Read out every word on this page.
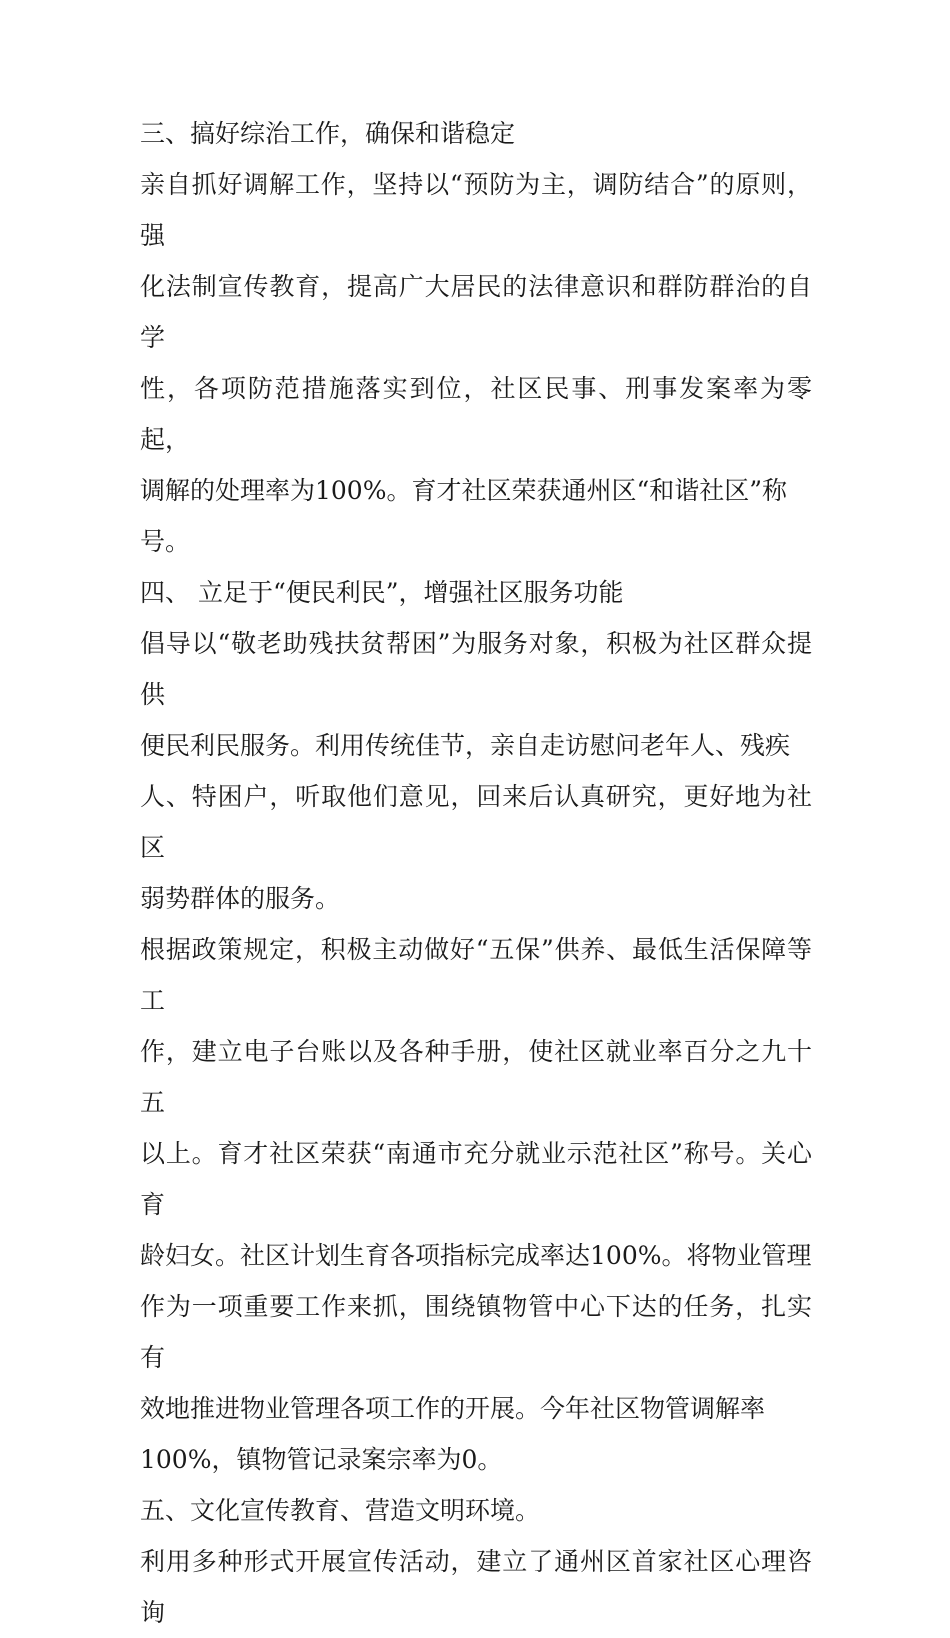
三、搞好综治工作，确保和谐稳定

亲自抓好调解工作，坚持以“预防为主，调防结合”的原则，强

化法制宣传教育，提高广大居民的法律意识和群防群治的自学

性，各项防范措施落实到位，社区民事、刑事发案率为零起，

调解的处理率为100%。育才社区荣获通州区“和谐社区”称

号。

四、 立足于“便民利民”，增强社区服务功能

倡导以“敬老助残扶贫帮困”为服务对象，积极为社区群众提供

便民利民服务。利用传统佳节，亲自走访慰问老年人、残疾

人、特困户，听取他们意见，回来后认真研究，更好地为社区

弱势群体的服务。

根据政策规定，积极主动做好“五保”供养、最低生活保障等工

作，建立电子台账以及各种手册，使社区就业率百分之九十五

以上。育才社区荣获“南通市充分就业示范社区”称号。关心育

龄妇女。社区计划生育各项指标完成率达100%。将物业管理

作为一项重要工作来抓，围绕镇物管中心下达的任务，扎实有

效地推进物业管理各项工作的开展。今年社区物管调解率

100%，镇物管记录案宗率为0。

五、文化宣传教育、营造文明环境。

利用多种形式开展宣传活动，建立了通州区首家社区心理咨询
